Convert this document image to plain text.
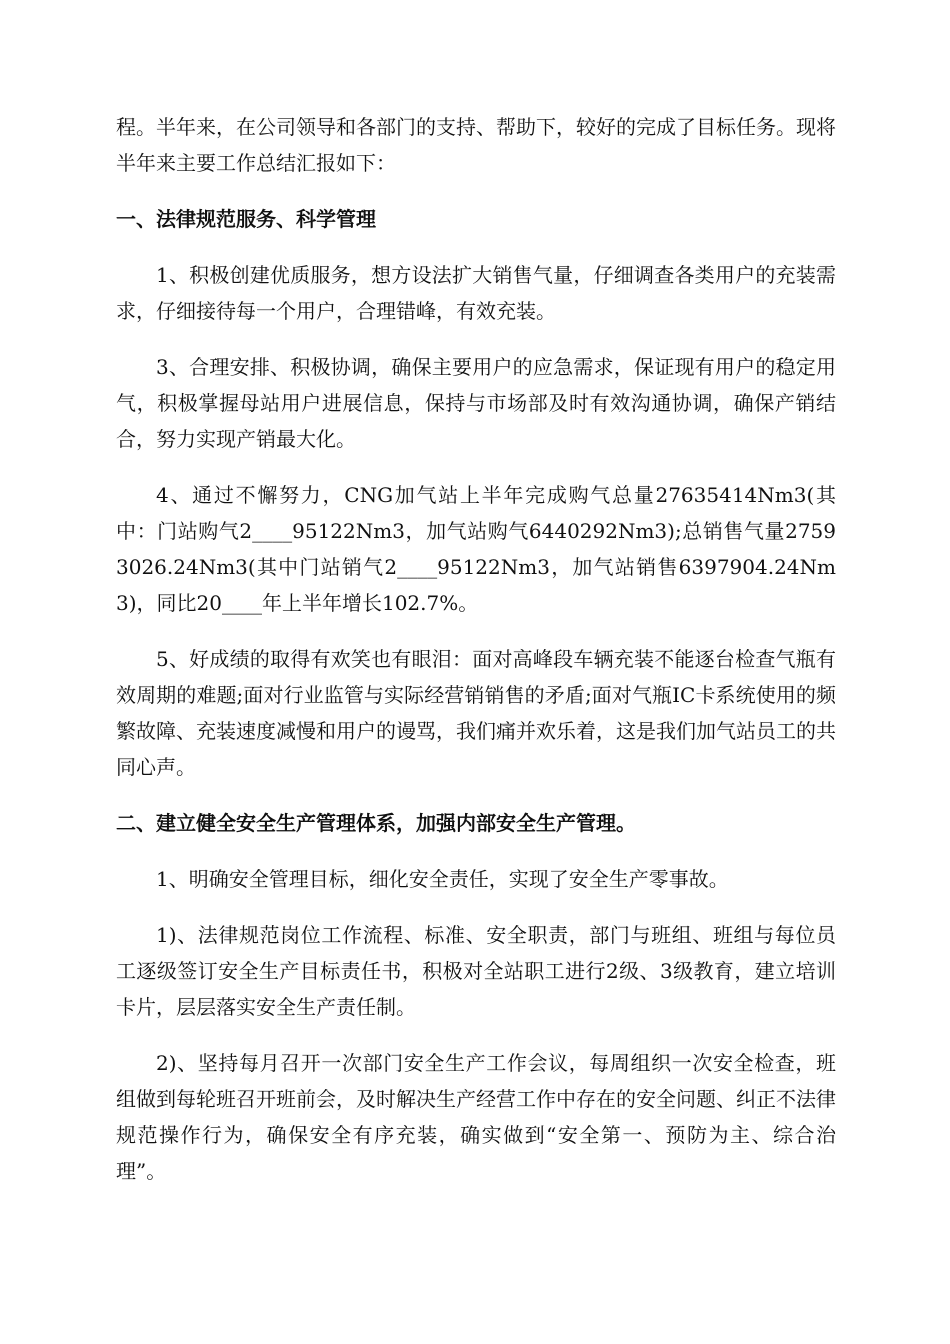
程。半年来，在公司领导和各部门的支持、帮助下，较好的完成了目标任务。现将半年来主要工作总结汇报如下：

一、法律规范服务、科学管理

1、积极创建优质服务，想方设法扩大销售气量，仔细调查各类用户的充装需求，仔细接待每一个用户，合理错峰，有效充装。

3、合理安排、积极协调，确保主要用户的应急需求，保证现有用户的稳定用气，积极掌握母站用户进展信息，保持与市场部及时有效沟通协调，确保产销结合，努力实现产销最大化。

4、通过不懈努力，CNG加气站上半年完成购气总量27635414Nm3(其中：门站购气2____95122Nm3，加气站购气6440292Nm3);总销售气量27593026.24Nm3(其中门站销气2____95122Nm3，加气站销售6397904.24Nm3)，同比20____年上半年增长102.7%。

5、好成绩的取得有欢笑也有眼泪：面对高峰段车辆充装不能逐台检查气瓶有效周期的难题;面对行业监管与实际经营销销售的矛盾;面对气瓶IC卡系统使用的频繁故障、充装速度减慢和用户的谩骂，我们痛并欢乐着，这是我们加气站员工的共同心声。

二、建立健全安全生产管理体系，加强内部安全生产管理。

1、明确安全管理目标，细化安全责任，实现了安全生产零事故。

1)、法律规范岗位工作流程、标准、安全职责，部门与班组、班组与每位员工逐级签订安全生产目标责任书，积极对全站职工进行2级、3级教育，建立培训卡片，层层落实安全生产责任制。

2)、坚持每月召开一次部门安全生产工作会议，每周组织一次安全检查，班组做到每轮班召开班前会，及时解决生产经营工作中存在的安全问题、纠正不法律规范操作行为，确保安全有序充装，确实做到“安全第一、预防为主、综合治理”。
